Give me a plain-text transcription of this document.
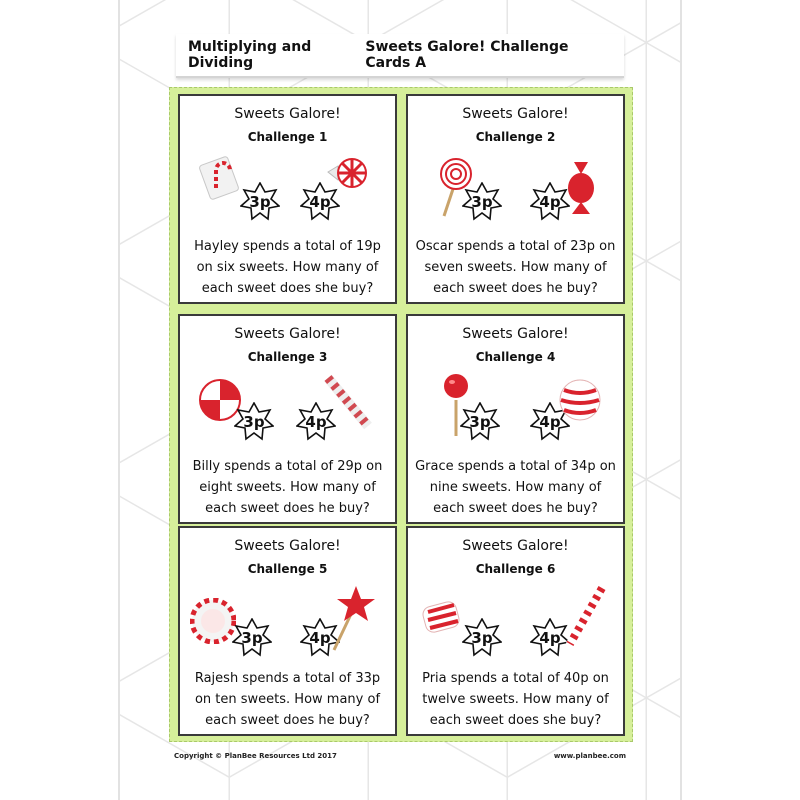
Multiplying and Dividing
Sweets Galore! Challenge Cards A
Sweets Galore!
Challenge 1
3p	4p
Hayley spends a total of 19p on six sweets. How many of each sweet does she buy?
Sweets Galore!
Challenge 2
3p	4p
Oscar spends a total of 23p on seven sweets. How many of each sweet does he buy?
Sweets Galore!
Challenge 3
3p	4p
Billy spends a total of 29p on eight sweets. How many of each sweet does he buy?
Sweets Galore!
Challenge 4
3p	4p
Grace spends a total of 34p on nine sweets. How many of each sweet does he buy?
Sweets Galore!
Challenge 5
3p	4p
Rajesh spends a total of 33p on ten sweets. How many of each sweet does he buy?
Sweets Galore!
Challenge 6
3p	4p
Pria spends a total of 40p on twelve sweets. How many of each sweet does she buy?
Copyright © PlanBee Resources Ltd 2017	www.planbee.com
